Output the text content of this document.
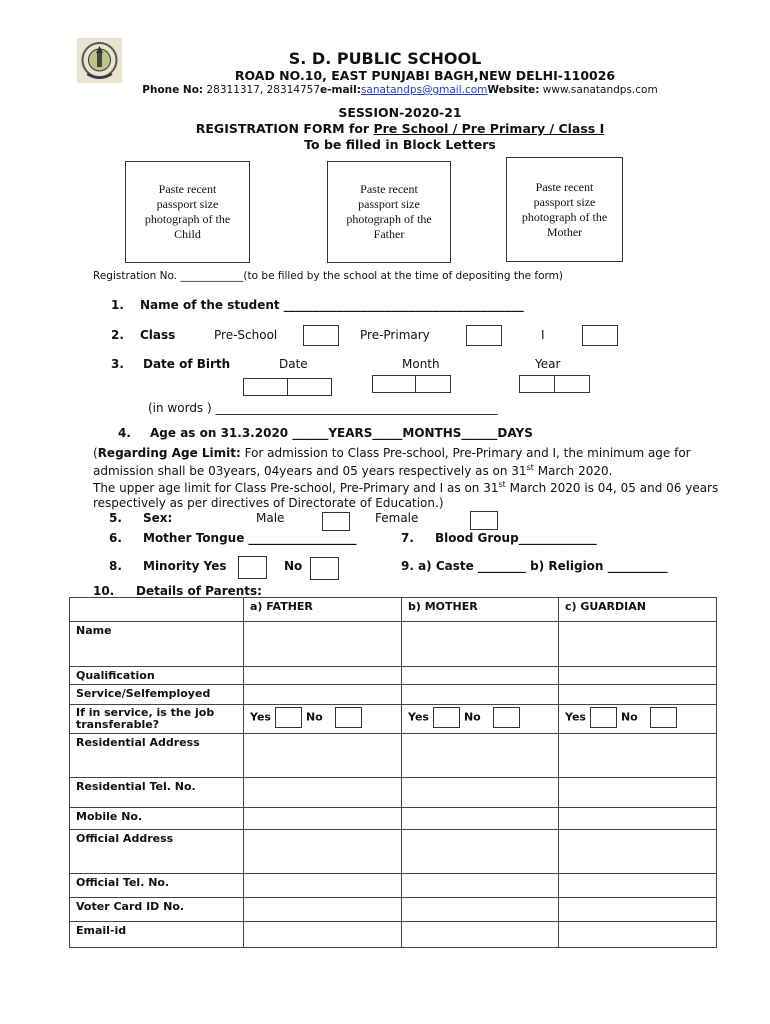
S. D. PUBLIC SCHOOL
ROAD NO.10, EAST PUNJABI BAGH,NEW DELHI-110026
Phone No: 28311317, 28314757e-mail:sanatandps@gmail.comWebsite: www.sanatandps.com
SESSION-2020-21
REGISTRATION FORM for Pre School / Pre Primary / Class I
To be filled in Block Letters
Paste recent
passport size
photograph of the
Child
Paste recent
passport size
photograph of the
Father
Paste recent
passport size
photograph of the
Mother
Registration No. ____________(to be filled by the school at the time of depositing the form)
1. Name of the student ________________________________________
2. Class	Pre-School	Pre-Primary	I
3. Date of Birth	Date	Month	Year
(in words ) _______________________________________________
4. Age as on 31.3.2020 ______YEARS_____MONTHS______DAYS
(Regarding Age Limit: For admission to Class Pre-school, Pre-Primary and I, the minimum age for
admission shall be 03years, 04years and 05 years respectively as on 31st March 2020.
The upper age limit for Class Pre-school, Pre-Primary and I as on 31st March 2020 is 04, 05 and 06 years
respectively as per directives of Directorate of Education.)
5. Sex:	Male	Female
6. Mother Tongue __________________	7. Blood Group_____________
8. Minority Yes	No	9. a) Caste ________ b) Religion __________
10. Details of Parents:
	a) FATHER	b) MOTHER	c) GUARDIAN
Name			
Qualification			
Service/Selfemployed			
If in service, is the job transferable?	Yes No	Yes No	Yes No
Residential Address			
Residential Tel. No.			
Mobile No.			
Official Address			
Official Tel. No.			
Voter Card ID No.			
Email-id			
